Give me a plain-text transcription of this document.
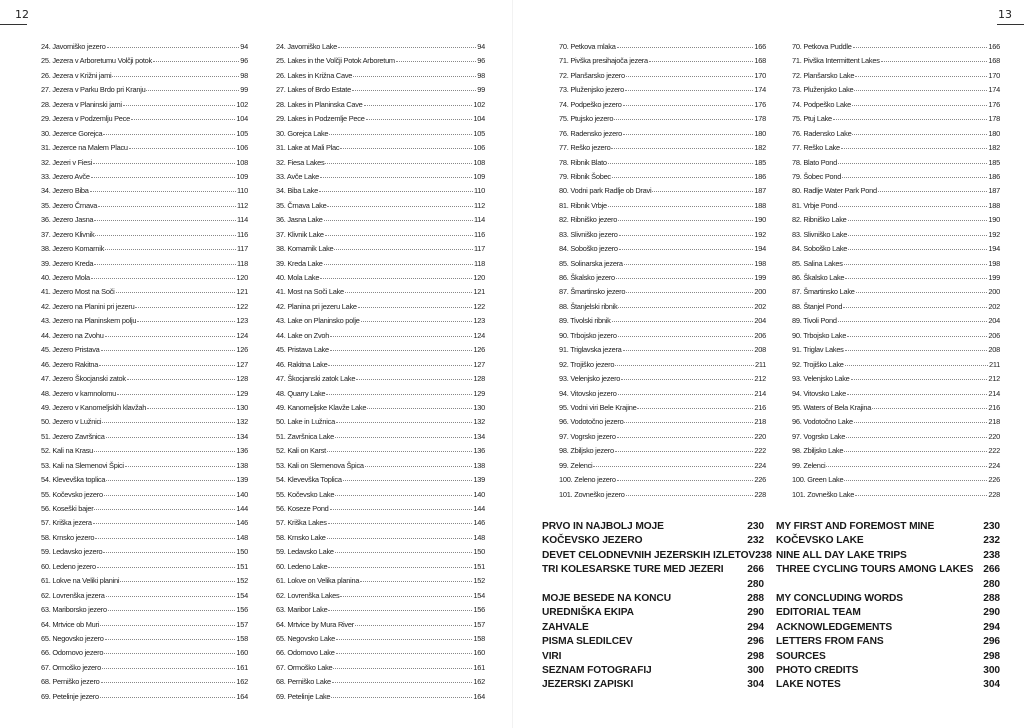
12
24. Javorniško jezero	94
25. Jezera v Arboretumu Volčji potok	96
26. Jezera v Križni jami	98
27. Jezera v Parku Brdo pri Kranju	99
28. Jezera v Planinski jami	102
29. Jezera v Podzemlju Pece	104
30. Jezerce Gorejca	105
31. Jezerce na Malem Placu	106
32. Jezeri v Fiesi	108
33. Jezero Avče	109
34. Jezero Biba	110
35. Jezero Črnava	112
36. Jezero Jasna	114
37. Jezero Klivnik	116
38. Jezero Komarnik	117
39. Jezero Kreda	118
40. Jezero Mola	120
41. Jezero Most na Soči	121
42. Jezero na Planini pri jezeru	122
43. Jezero na Planinskem polju	123
44. Jezero na Zvohu	124
45. Jezero Pristava	126
46. Jezero Rakitna	127
47. Jezero Škocjanski zatok	128
48. Jezero v kamnolomu	129
49. Jezero v Kanomeljskih klavžah	130
50. Jezero v Lužnici	132
51. Jezero Završnica	134
52. Kali na Krasu	136
53. Kali na Slemenovi Špici	138
54. Klevevška toplica	139
55. Kočevsko jezero	140
56. Koseški bajer	144
57. Kriška jezera	146
58. Krnsko jezero	148
59. Ledavsko jezero	150
60. Ledeno jezero	151
61. Lokve na Veliki planini	152
62. Lovrenška jezera	154
63. Mariborsko jezero	156
64. Mrtvice ob Muri	157
65. Negovsko jezero	158
66. Odornovo jezero	160
67. Ormoško jezero	161
68. Perniško jezero	162
69. Petelinje jezero	164
24. Javorniško Lake	94
25. Lakes in the Volčji Potok Arboretum	96
26. Lakes in Križna Cave	98
27. Lakes of Brdo Estate	99
28. Lakes in Planinska Cave	102
29. Lakes in Podzemlje Pece	104
30. Gorejca Lake	105
31. Lake at Mali Plac	106
32. Fiesa Lakes	108
33. Avče Lake	109
34. Biba Lake	110
35. Črnava Lake	112
36. Jasna Lake	114
37. Klivnik Lake	116
38. Komarnik Lake	117
39. Kreda Lake	118
40. Mola Lake	120
41. Most na Soči Lake	121
42. Planina pri jezeru Lake	122
43. Lake on Planinsko polje	123
44. Lake on Zvoh	124
45. Pristava Lake	126
46. Rakitna Lake	127
47. Škocjanski zatok Lake	128
48. Quarry Lake	129
49. Kanomeljske Klavže Lake	130
50. Lake in Lužnica	132
51. Završnica Lake	134
52. Kali on Karst	136
53. Kali on Slemenova Špica	138
54. Klevevška Toplica	139
55. Kočevsko Lake	140
56. Koseze Pond	144
57. Kriška Lakes	146
58. Krnsko Lake	148
59. Ledavsko Lake	150
60. Ledeno Lake	151
61. Lokve on Velika planina	152
62. Lovrenška Lakes	154
63. Maribor Lake	156
64. Mrtvice by Mura River	157
65. Negovsko Lake	158
66. Odornovo Lake	160
67. Ormoško Lake	161
68. Perniško Lake	162
69. Petelinje Lake	164
13
70. Petkova mlaka	166
71. Pivška presihajoča jezera	168
72. Planšarsko jezero	170
73. Pluženjsko jezero	174
74. Podpeško jezero	176
75. Ptujsko jezero	178
76. Radensko jezero	180
77. Reško jezero	182
78. Ribnik Blato	185
79. Ribnik Šobec	186
80. Vodni park Radlje ob Dravi	187
81. Ribnik Vrbje	188
82. Ribniško jezero	190
83. Slivniško jezero	192
84. Soboško jezero	194
85. Solinarska jezera	198
86. Škalsko jezero	199
87. Šmartinsko jezero	200
88. Štanjelski ribnik	202
89. Tivolski ribnik	204
90. Trbojsko jezero	206
91. Triglavska jezera	208
92. Trojiško jezero	211
93. Velenjsko jezero	212
94. Vitovsko jezero	214
95. Vodni viri Bele Krajine	216
96. Vodotočno jezero	218
97. Vogrsko jezero	220
98. Zbiljsko jezero	222
99. Zelenci	224
100. Zeleno jezero	226
101. Zovneško jezero	228
70. Petkova Puddle	166
71. Pivška Intermittent Lakes	168
72. Planšarsko Lake	170
73. Pluženjsko Lake	174
74. Podpeško Lake	176
75. Ptuj Lake	178
76. Radensko Lake	180
77. Reško Lake	182
78. Blato Pond	185
79. Šobec Pond	186
80. Radlje Water Park Pond	187
81. Vrbje Pond	188
82. Ribniško Lake	190
83. Slivniško Lake	192
84. Soboško Lake	194
85. Salina Lakes	198
86. Škalsko Lake	199
87. Šmartinsko Lake	200
88. Štanjel Pond	202
89. Tivoli Pond	204
90. Trbojsko Lake	206
91. Triglav Lakes	208
92. Trojiško Lake	211
93. Velenjsko Lake	212
94. Vitovsko Lake	214
95. Waters of Bela Krajina	216
96. Vodotočno Lake	218
97. Vogrsko Lake	220
98. Zbiljsko Lake	222
99. Zelenci	224
100. Green Lake	226
101. Zovneško Lake	228
PRVO IN NAJBOLJ MOJE	230
KOČEVSKO JEZERO	232
DEVET CELODNEVNIH JEZERSKIH IZLETOV 238
TRI KOLESARSKE TURE MED JEZERI	266
280
MOJE BESEDE NA KONCU	288
UREDNIŠKA EKIPA	290
ZAHVALE	294
PISMA SLEDILCEV	296
VIRI	298
SEZNAM FOTOGRAFIJ	300
JEZERSKI ZAPISKI	304
MY FIRST AND FOREMOST MINE	230
KOČEVSKO LAKE	232
NINE ALL DAY LAKE TRIPS	238
THREE CYCLING TOURS AMONG LAKES 266
280
MY CONCLUDING WORDS	288
EDITORIAL TEAM	290
ACKNOWLEDGEMENTS	294
LETTERS FROM FANS	296
SOURCES	298
PHOTO CREDITS	300
LAKE NOTES	304
